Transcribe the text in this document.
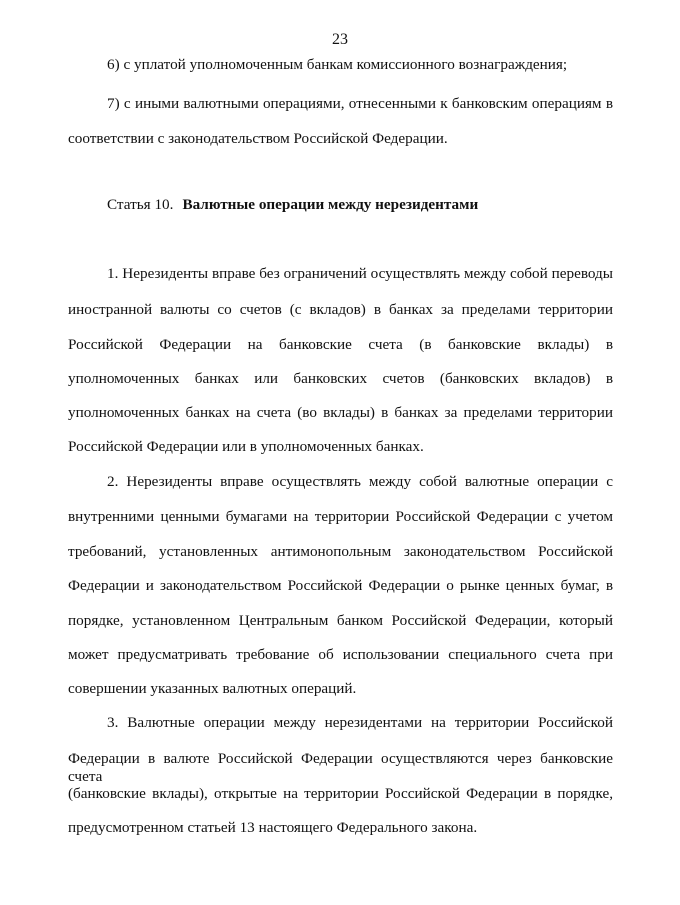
23
6) с уплатой уполномоченным банкам комиссионного вознаграждения;
7) с иными валютными операциями, отнесенными к банковским операциям в
соответствии с законодательством Российской Федерации.
Статья 10. Валютные операции между нерезидентами
1. Нерезиденты вправе без ограничений осуществлять между собой переводы
иностранной валюты со счетов (с вкладов) в банках за пределами территории
Российской Федерации на банковские счета (в банковские вклады) в
уполномоченных банках или банковских счетов (банковских вкладов) в
уполномоченных банках на счета (во вклады) в банках за пределами территории
Российской Федерации или в уполномоченных банках.
2. Нерезиденты вправе осуществлять между собой валютные операции с
внутренними ценными бумагами на территории Российской Федерации с учетом
требований, установленных антимонопольным законодательством Российской
Федерации и законодательством Российской Федерации о рынке ценных бумаг, в
порядке, установленном Центральным банком Российской Федерации, который
может предусматривать требование об использовании специального счета при
совершении указанных валютных операций.
3. Валютные операции между нерезидентами на территории Российской
Федерации в валюте Российской Федерации осуществляются через банковские счета
(банковские вклады), открытые на территории Российской Федерации в порядке,
предусмотренном статьей 13 настоящего Федерального закона.
